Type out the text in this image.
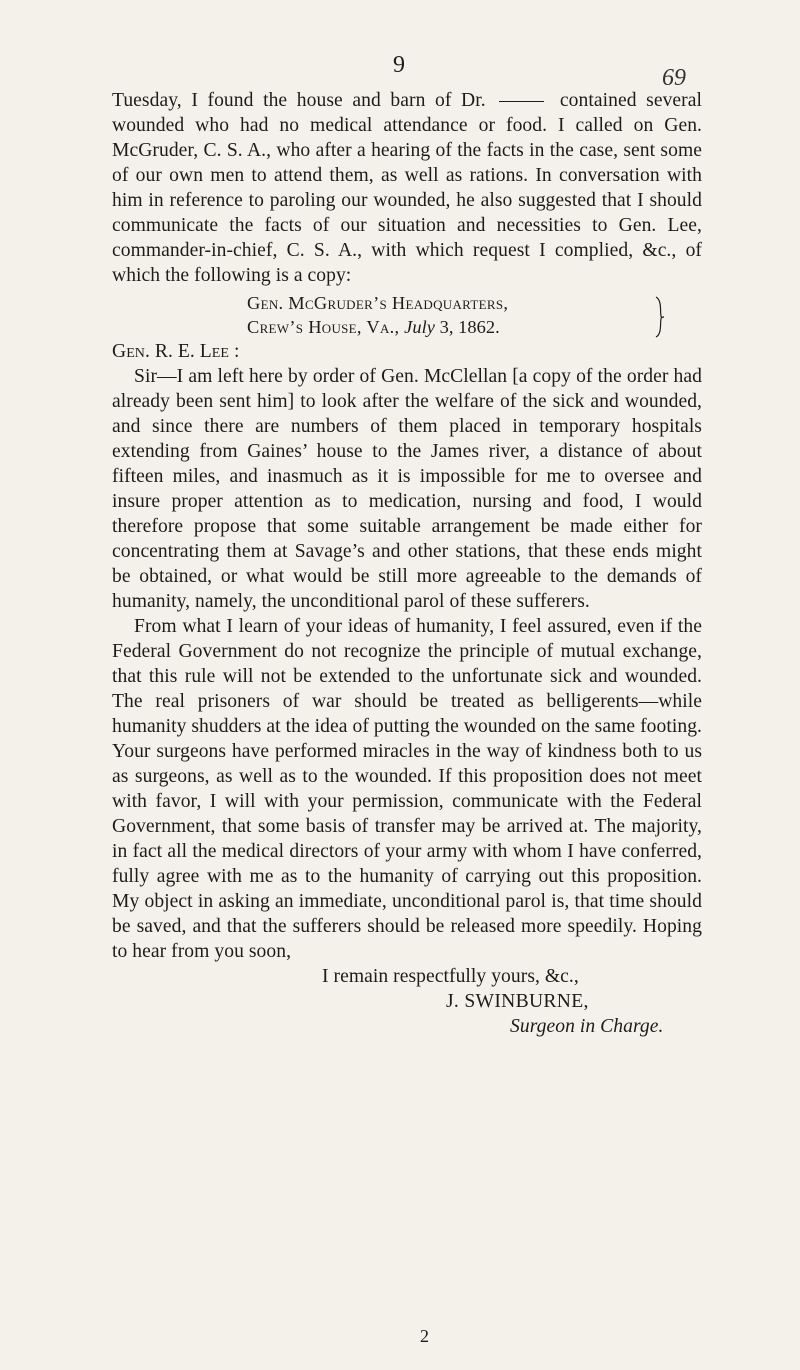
9	69

Tuesday, I found the house and barn of Dr.	contained several wounded who had no medical attendance or food. I called on Gen. McGruder, C. S. A., who after a hearing of the facts in the case, sent some of our own men to attend them, as well as rations. In conversation with him in reference to paroling our wounded, he also suggested that I should communicate the facts of our situation and necessities to Gen. Lee, commander-in-chief, C. S. A., with which request I complied, &c., of which the following is a copy:

Gen. McGruder’s Headquarters,
Crew’s House, Va., July 3, 1862.

Gen. R. E. Lee :

Sir—I am left here by order of Gen. McClellan [a copy of the order had already been sent him] to look after the welfare of the sick and wounded, and since there are numbers of them placed in temporary hospitals extending from Gaines’ house to the James river, a distance of about fifteen miles, and inasmuch as it is impossible for me to oversee and insure proper attention as to medication, nursing and food, I would therefore propose that some suitable arrangement be made either for concentrating them at Savage’s and other stations, that these ends might be obtained, or what would be still more agreeable to the demands of humanity, namely, the unconditional parol of these sufferers.

From what I learn of your ideas of humanity, I feel assured, even if the Federal Government do not recognize the principle of mutual exchange, that this rule will not be extended to the unfortunate sick and wounded. The real prisoners of war should be treated as belligerents—while humanity shudders at the idea of putting the wounded on the same footing. Your surgeons have performed miracles in the way of kindness both to us as surgeons, as well as to the wounded. If this proposition does not meet with favor, I will with your permission, communicate with the Federal Government, that some basis of transfer may be arrived at. The majority, in fact all the medical directors of your army with whom I have conferred, fully agree with me as to the humanity of carrying out this proposition. My object in asking an immediate, unconditional parol is, that time should be saved, and that the sufferers should be released more speedily. Hoping to hear from you soon,

I remain respectfully yours, &c.,

J. SWINBURNE,

Surgeon in Charge.

2
